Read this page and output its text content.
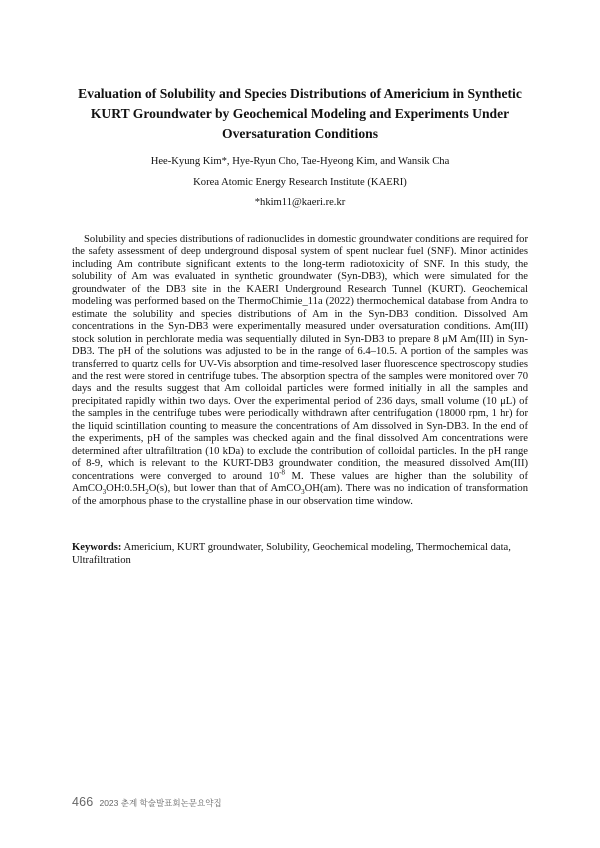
Evaluation of Solubility and Species Distributions of Americium in Synthetic KURT Groundwater by Geochemical Modeling and Experiments Under Oversaturation Conditions
Hee-Kyung Kim*, Hye-Ryun Cho, Tae-Hyeong Kim, and Wansik Cha
Korea Atomic Energy Research Institute (KAERI)
*hkim11@kaeri.re.kr

Solubility and species distributions of radionuclides in domestic groundwater conditions are required for the safety assessment of deep underground disposal system of spent nuclear fuel (SNF). Minor actinides including Am contribute significant extents to the long-term radiotoxicity of SNF. In this study, the solubility of Am was evaluated in synthetic groundwater (Syn-DB3), which were simulated for the groundwater of the DB3 site in the KAERI Underground Research Tunnel (KURT). Geochemical modeling was performed based on the ThermoChimie_11a (2022) thermochemical database from Andra to estimate the solubility and species distributions of Am in the Syn-DB3 condition. Dissolved Am concentrations in the Syn-DB3 were experimentally measured under oversaturation conditions. Am(III) stock solution in perchlorate media was sequentially diluted in Syn-DB3 to prepare 8 μM Am(III) in Syn-DB3. The pH of the solutions was adjusted to be in the range of 6.4–10.5. A portion of the samples was transferred to quartz cells for UV-Vis absorption and time-resolved laser fluorescence spectroscopy studies and the rest were stored in centrifuge tubes. The absorption spectra of the samples were monitored over 70 days and the results suggest that Am colloidal particles were formed initially in all the samples and precipitated rapidly within two days. Over the experimental period of 236 days, small volume (10 μL) of the samples in the centrifuge tubes were periodically withdrawn after centrifugation (18000 rpm, 1 hr) for the liquid scintillation counting to measure the concentrations of Am dissolved in Syn-DB3. In the end of the experiments, pH of the samples was checked again and the final dissolved Am concentrations were determined after ultrafiltration (10 kDa) to exclude the contribution of colloidal particles. In the pH range of 8-9, which is relevant to the KURT-DB3 groundwater condition, the measured dissolved Am(III) concentrations were converged to around $10^{-8}$ M. These values are higher than the solubility of $AmCO_3OH:0.5H_2O(s)$, but lower than that of AmCO$_3$OH(am). There was no indication of transformation of the amorphous phase to the crystalline phase in our observation time window.

Keywords: Americium, KURT groundwater, Solubility, Geochemical modeling, Thermochemical data, Ultrafiltration

466 2023 춘계 학술발표회논문요약집
